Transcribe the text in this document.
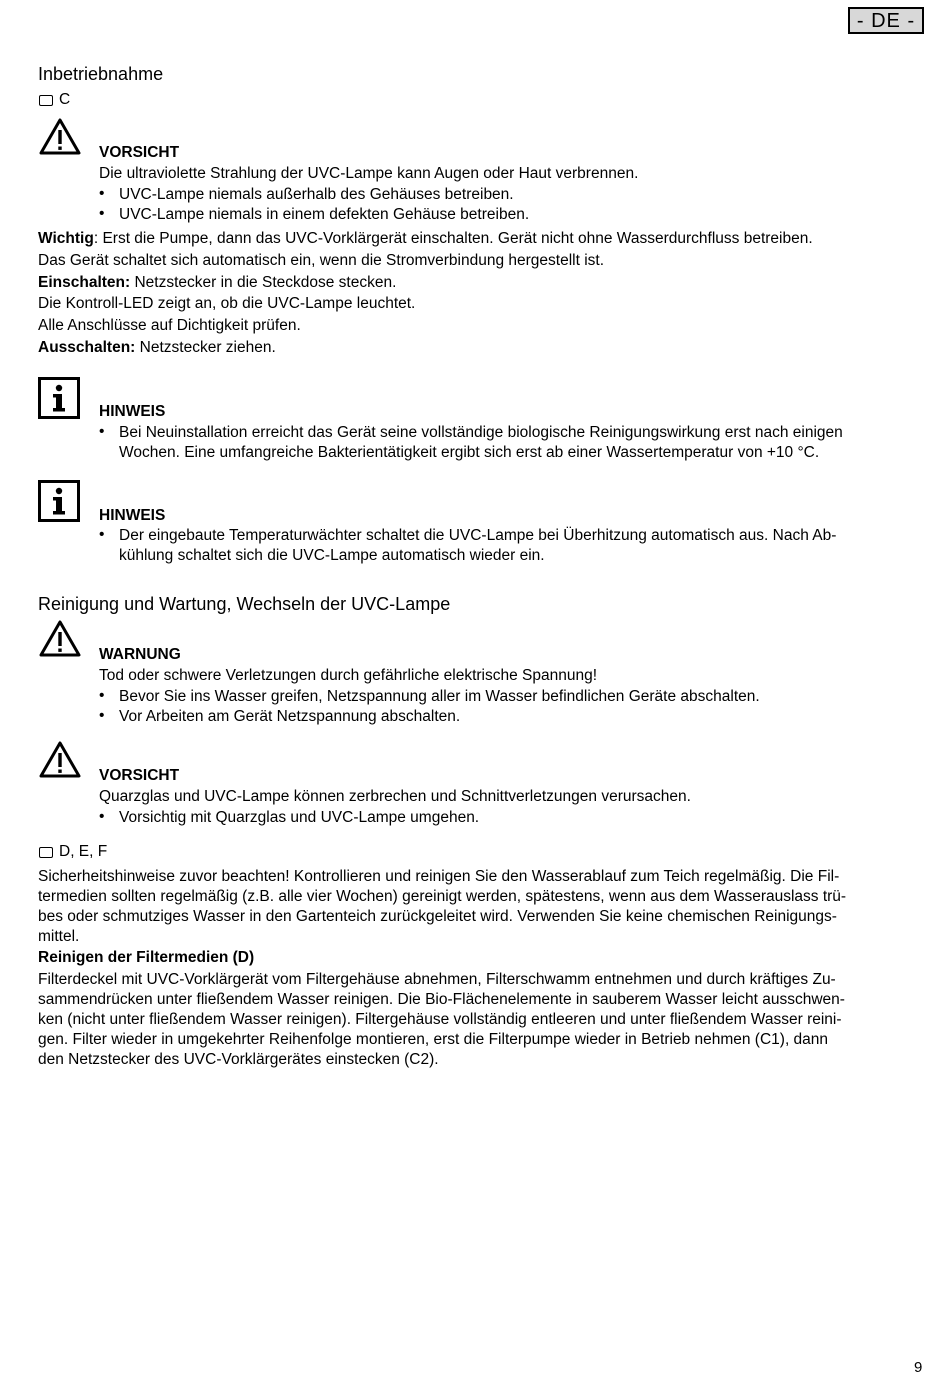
- DE -
Inbetriebnahme
C
VORSICHT
Die ultraviolette Strahlung der UVC-Lampe kann Augen oder Haut verbrennen.
• UVC-Lampe niemals außerhalb des Gehäuses betreiben.
• UVC-Lampe niemals in einem defekten Gehäuse betreiben.
Wichtig: Erst die Pumpe, dann das UVC-Vorklärgerät einschalten. Gerät nicht ohne Wasserdurchfluss betreiben.
Das Gerät schaltet sich automatisch ein, wenn die Stromverbindung hergestellt ist.
Einschalten: Netzstecker in die Steckdose stecken.
Die Kontroll-LED zeigt an, ob die UVC-Lampe leuchtet.
Alle Anschlüsse auf Dichtigkeit prüfen.
Ausschalten: Netzstecker ziehen.
HINWEIS
• Bei Neuinstallation erreicht das Gerät seine vollständige biologische Reinigungswirkung erst nach einigen
Wochen. Eine umfangreiche Bakterientätigkeit ergibt sich erst ab einer Wassertemperatur von +10 °C.
HINWEIS
• Der eingebaute Temperaturwächter schaltet die UVC-Lampe bei Überhitzung automatisch aus. Nach Ab-
kühlung schaltet sich die UVC-Lampe automatisch wieder ein.
Reinigung und Wartung, Wechseln der UVC-Lampe
WARNUNG
Tod oder schwere Verletzungen durch gefährliche elektrische Spannung!
• Bevor Sie ins Wasser greifen, Netzspannung aller im Wasser befindlichen Geräte abschalten.
• Vor Arbeiten am Gerät Netzspannung abschalten.
VORSICHT
Quarzglas und UVC-Lampe können zerbrechen und Schnittverletzungen verursachen.
• Vorsichtig mit Quarzglas und UVC-Lampe umgehen.
D, E, F
Sicherheitshinweise zuvor beachten! Kontrollieren und reinigen Sie den Wasserablauf zum Teich regelmäßig. Die Fil-
termedien sollten regelmäßig (z.B. alle vier Wochen) gereinigt werden, spätestens, wenn aus dem Wasserauslass trü-
bes oder schmutziges Wasser in den Gartenteich zurückgeleitet wird. Verwenden Sie keine chemischen Reinigungs-
mittel.
Reinigen der Filtermedien (D)
Filterdeckel mit UVC-Vorklärgerät vom Filtergehäuse abnehmen, Filterschwamm entnehmen und durch kräftiges Zu-
sammendrücken unter fließendem Wasser reinigen. Die Bio-Flächenelemente in sauberem Wasser leicht ausschwen-
ken (nicht unter fließendem Wasser reinigen). Filtergehäuse vollständig entleeren und unter fließendem Wasser reini-
gen. Filter wieder in umgekehrter Reihenfolge montieren, erst die Filterpumpe wieder in Betrieb nehmen (C1), dann
den Netzstecker des UVC-Vorklärgerätes einstecken (C2).
9
